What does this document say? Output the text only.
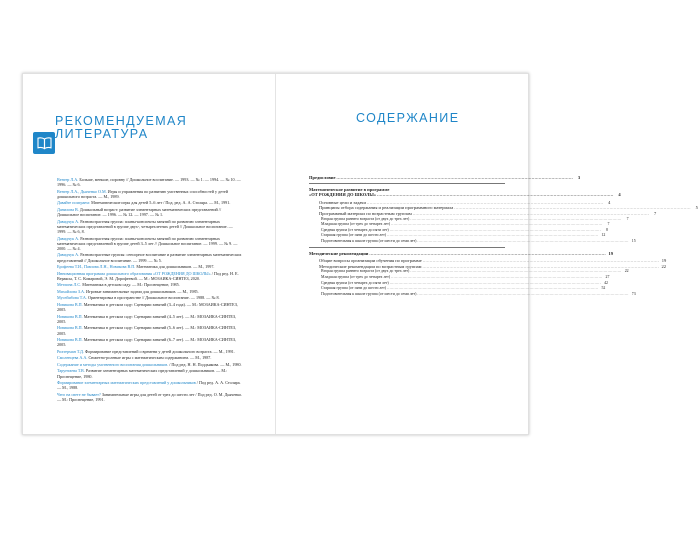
РЕКОМЕНДУЕМАЯ ЛИТЕРАТУРА

Венгер Л.А. Больше, меньше, поровну // Дошкольное воспитание. — 1993. — № 1. — 1994. — № 10. — 1996. — № 6.

Венгер Л.А., Дьяченко О.М. Игры и упражнения по развитию умственных способностей у детей дошкольного возраста. — М., 1989.

Давайте поиграем: Математические игры для детей 5–6 лет / Под. ред. А. А. Столяра. — М., 1991.

Данилова В. Дошкольный возраст: развитие элементарных математических представлений // Дошкольное воспитание. — 1996. — № 12. — 1997. — № 1.

Давидчук А. Разновозрастная группа: планы-конспекты занятий по развитию элементарных математических представлений в группе двух-, четырехлетних детей // Дошкольное воспитание. — 1999. — № 6, 8.

Давидчук А. Разновозрастная группа: планы-конспекты занятий по развитию элементарных математических представлений в группе детей 3–5 лет // Дошкольное воспитание. — 1999. — № 9. — 2000. — № 4.

Давидчук А. Разновозрастные группы: сенсорное воспитание и развитие элементарных математических представлений // Дошкольное воспитание. — 1999. — № 5.

Ерофеева Т.И., Павлова Л.Н., Новикова В.П. Математика для дошкольников. — М., 1997.

Инновационная программа дошкольного образования «ОТ РОЖДЕНИЯ ДО ШКОЛЫ» / Под ред. Н. Е. Вераксы, Т. С. Комаровой, Э. М. Дорофеевой. — М.: МОЗАИКА-СИНТЕЗ, 2020.

Метлина Л.С. Математика в детском саду. — М.: Просвещение, 1985.

Михайлова З.А. Игровые занимательные задачи для дошкольников. — М., 1985.

Мусейибова Т.А. Ориентировка в пространстве // Дошкольное воспитание. — 1988. — № 8.

Новикова В.П. Математика в детском саду: Сценарии занятий (3–4 года). — М.: МОЗАИКА-СИНТЕЗ, 2005.

Новикова В.П. Математика в детском саду: Сценарии занятий (4–5 лет). — М.: МОЗАИКА-СИНТЕЗ, 2005.

Новикова В.П. Математика в детском саду: Сценарии занятий (5–6 лет). — М.: МОЗАИКА-СИНТЕЗ, 2005.

Новикова В.П. Математика в детском саду: Сценарии занятий (6–7 лет). — М.: МОЗАИКА-СИНТЕЗ, 2005.

Рихтерман Т.Д. Формирование представлений о времени у детей дошкольного возраста. — М., 1991.

Смоленцева А.А. Сюжетно-ролевые игры с математическим содержанием. — М., 1987.

Содержание и методы умственного воспитания дошкольников. / Под ред. Н. Н. Поддьякова. — М., 1980.

Тарунтаева Т.В. Развитие элементарных математических представлений у дошкольников. — М.: Просвещение, 1980.

Формирование элементарных математических представлений у дошкольников / Под ред. А. А. Столяра. — М., 1988.

Чего на свете не бывает? Занимательные игры для детей от трех до шести лет / Под ред. О. М. Дьяченко. — М.: Просвещение, 1991.

СОДЕРЖАНИЕ
Предисловие .....	3
Математическое развитие в программе
«ОТ РОЖДЕНИЯ ДО ШКОЛЫ» .....	4
Основные цели и задачи .....	4
Принципы отбора содержания и реализации программного материала .....	5
Программный материал по возрастным группам .....	7
Вторая группа раннего возраста (от двух до трех лет) .....	7
Младшая группа (от трех до четырех лет) .....	7
Средняя группа (от четырех до пяти лет) .....	8
Старшая группа (от пяти до шести лет) .....	12
Подготовительная к школе группа (от шести до семи лет) .....	15
Методические рекомендации .....	19
Общие вопросы организации обучения по программе .....	19
Методические рекомендации по возрастным группам .....	22
Вторая группа раннего возраста (от двух до трех лет) .....	22
Младшая группа (от трех до четырех лет) .....	27
Средняя группа (от четырех до пяти лет) .....	42
Старшая группа (от пяти до шести лет) .....	52
Подготовительная к школе группа (от шести до семи лет) .....	73
